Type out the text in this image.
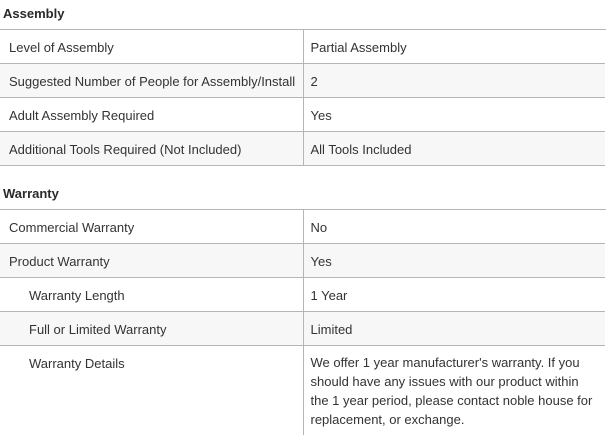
Assembly
Level of Assembly	Partial Assembly
Suggested Number of People for Assembly/Install	2
Adult Assembly Required	Yes
Additional Tools Required (Not Included)	All Tools Included
Warranty
Commercial Warranty	No
Product Warranty	Yes
Warranty Length	1 Year
Full or Limited Warranty	Limited
Warranty Details	We offer 1 year manufacturer's warranty. If you should have any issues with our product within the 1 year period, please contact noble house for replacement, or exchange.
